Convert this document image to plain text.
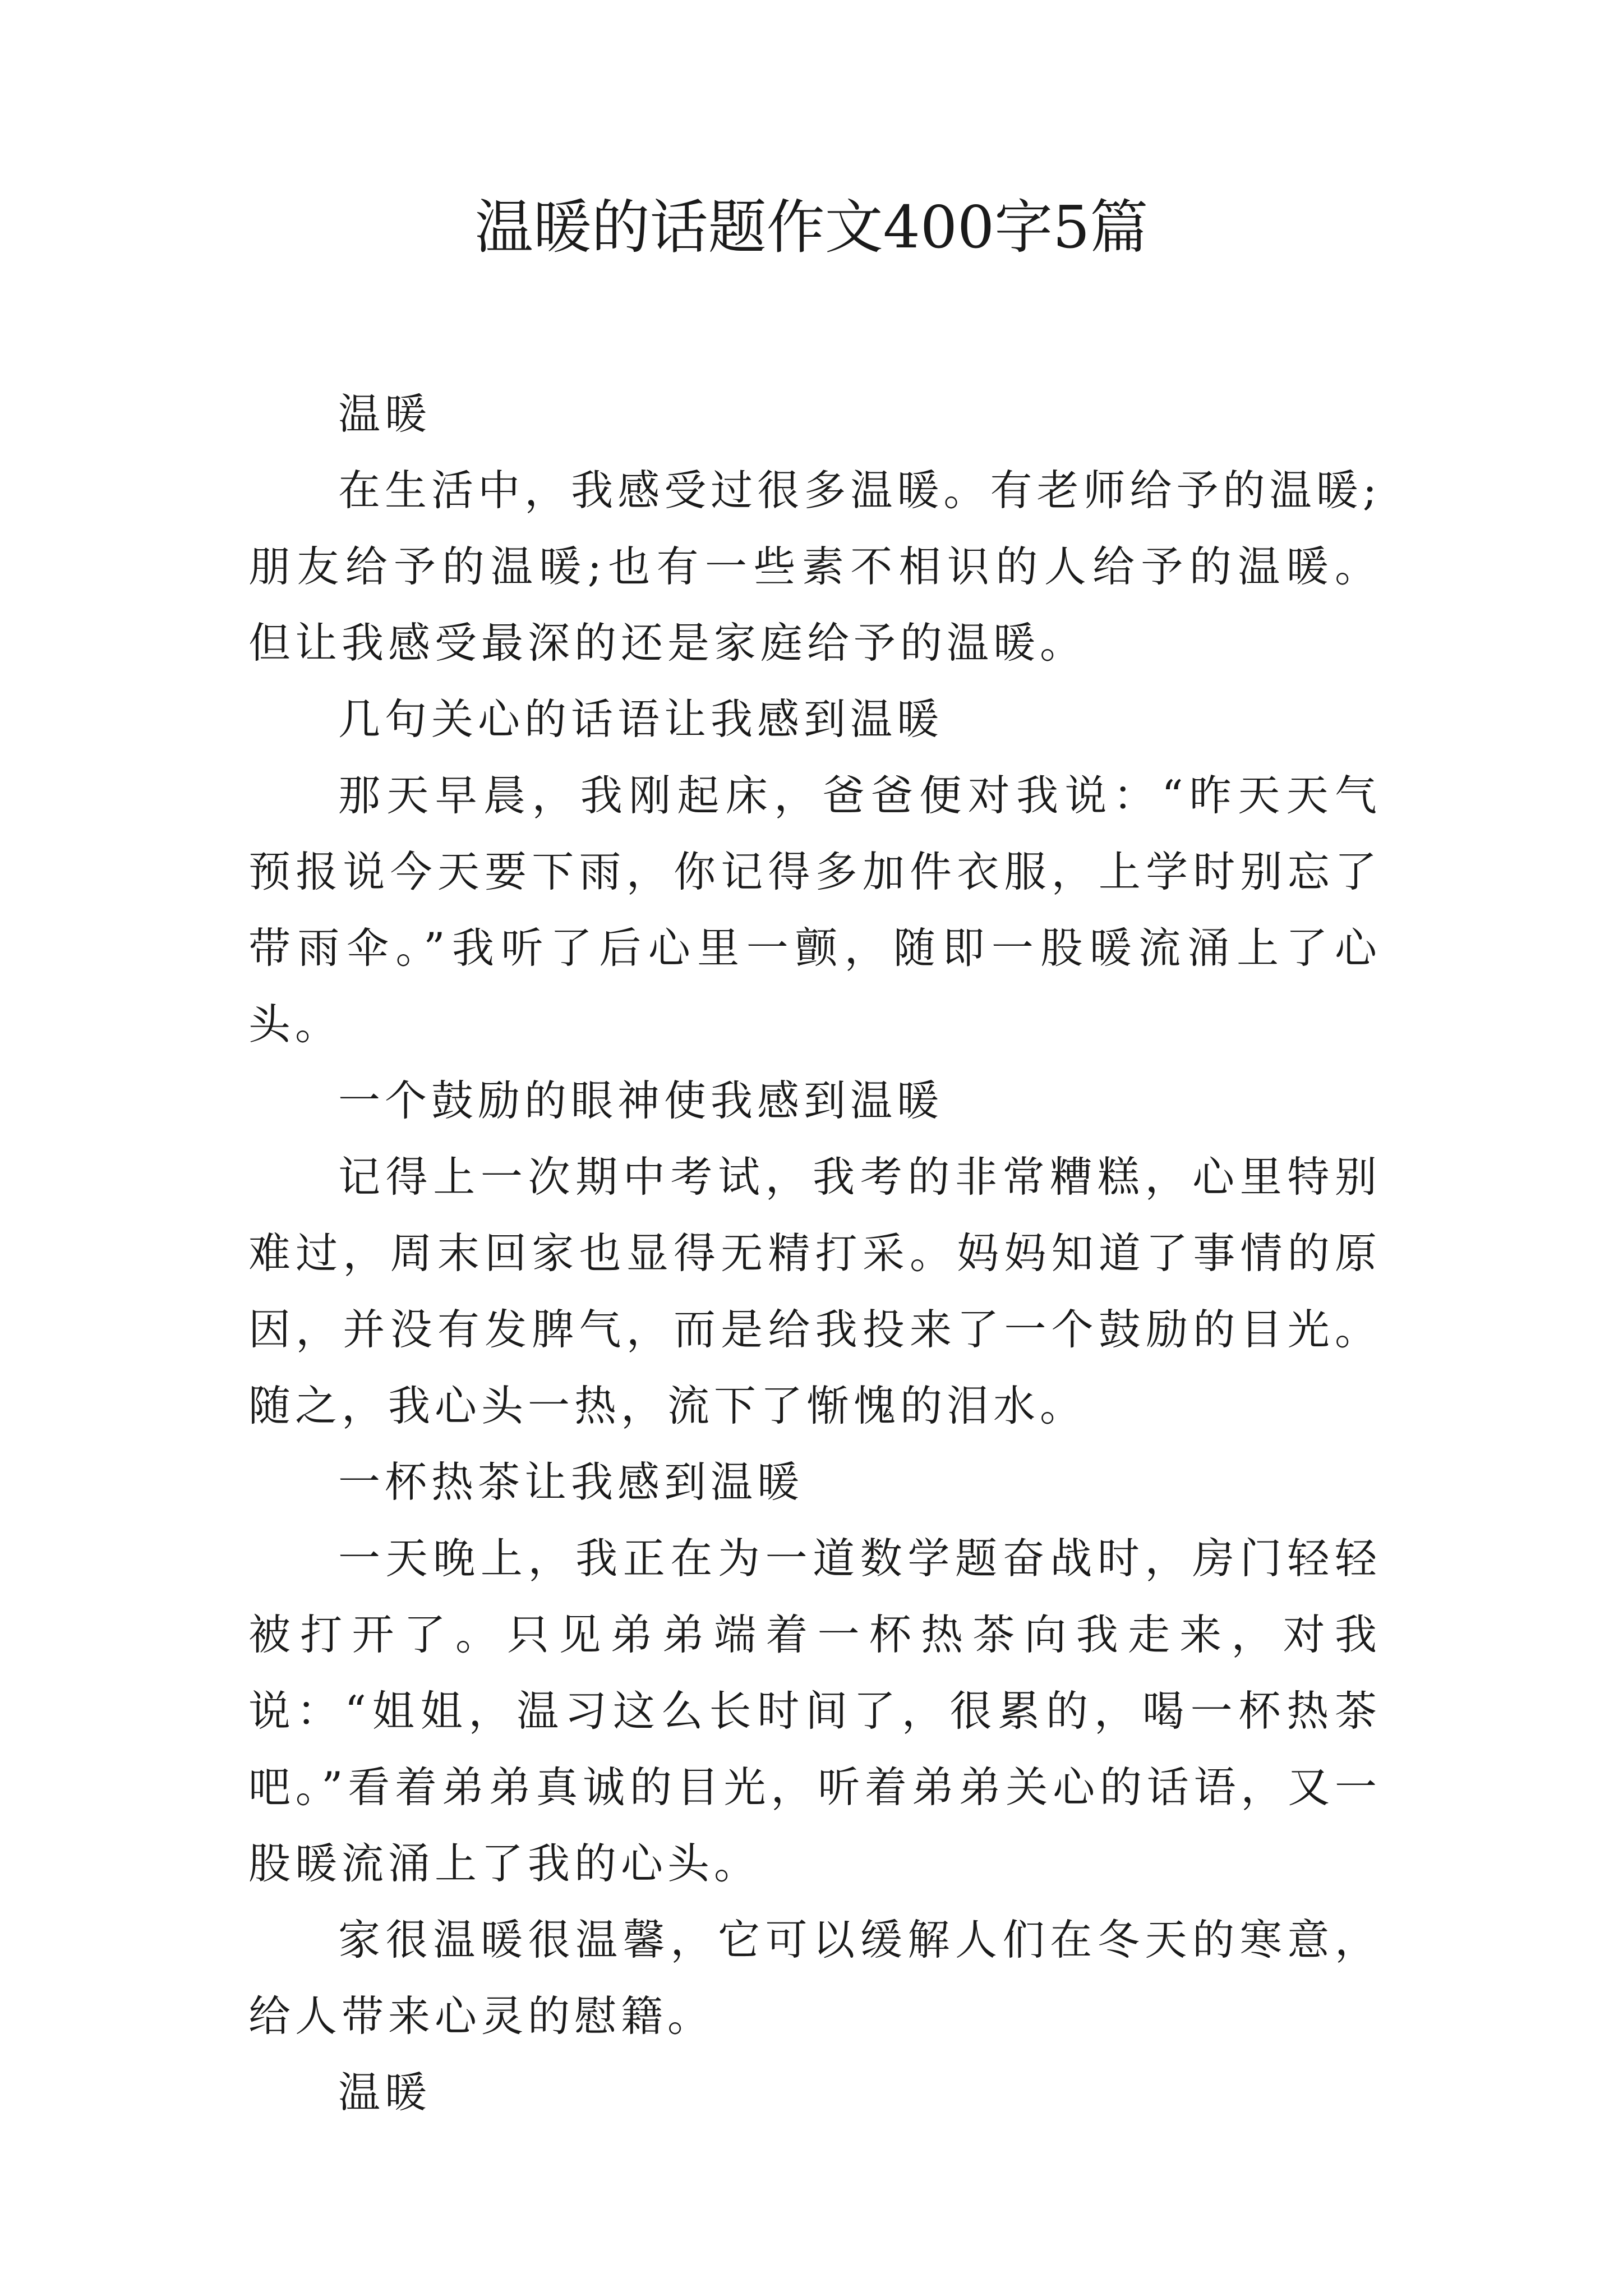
温暖的话题作文400字5篇

温暖

在生活中，我感受过很多温暖。有老师给予的温暖;朋友给予的温暖;也有一些素不相识的人给予的温暖。但让我感受最深的还是家庭给予的温暖。

几句关心的话语让我感到温暖

那天早晨，我刚起床，爸爸便对我说：“昨天天气预报说今天要下雨，你记得多加件衣服，上学时别忘了带雨伞。”我听了后心里一颤，随即一股暖流涌上了心头。

一个鼓励的眼神使我感到温暖

记得上一次期中考试，我考的非常糟糕，心里特别难过，周末回家也显得无精打采。妈妈知道了事情的原因，并没有发脾气，而是给我投来了一个鼓励的目光。随之，我心头一热，流下了惭愧的泪水。

一杯热茶让我感到温暖

一天晚上，我正在为一道数学题奋战时，房门轻轻被打开了。只见弟弟端着一杯热茶向我走来，对我说：“姐姐，温习这么长时间了，很累的，喝一杯热茶吧。”看着弟弟真诚的目光，听着弟弟关心的话语，又一股暖流涌上了我的心头。

家很温暖很温馨，它可以缓解人们在冬天的寒意，给人带来心灵的慰籍。

温暖
